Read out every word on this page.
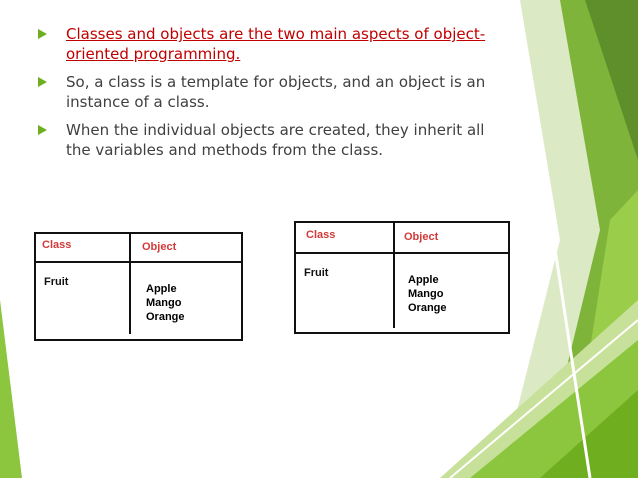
Classes and objects are the two main aspects of object-oriented programming.
So, a class is a template for objects, and an object is an instance of a class.
When the individual objects are created, they inherit all the variables and methods from the class.
Class	Object
Fruit
Apple
Mango
Orange
Class	Object
Fruit
Apple
Mango
Orange
